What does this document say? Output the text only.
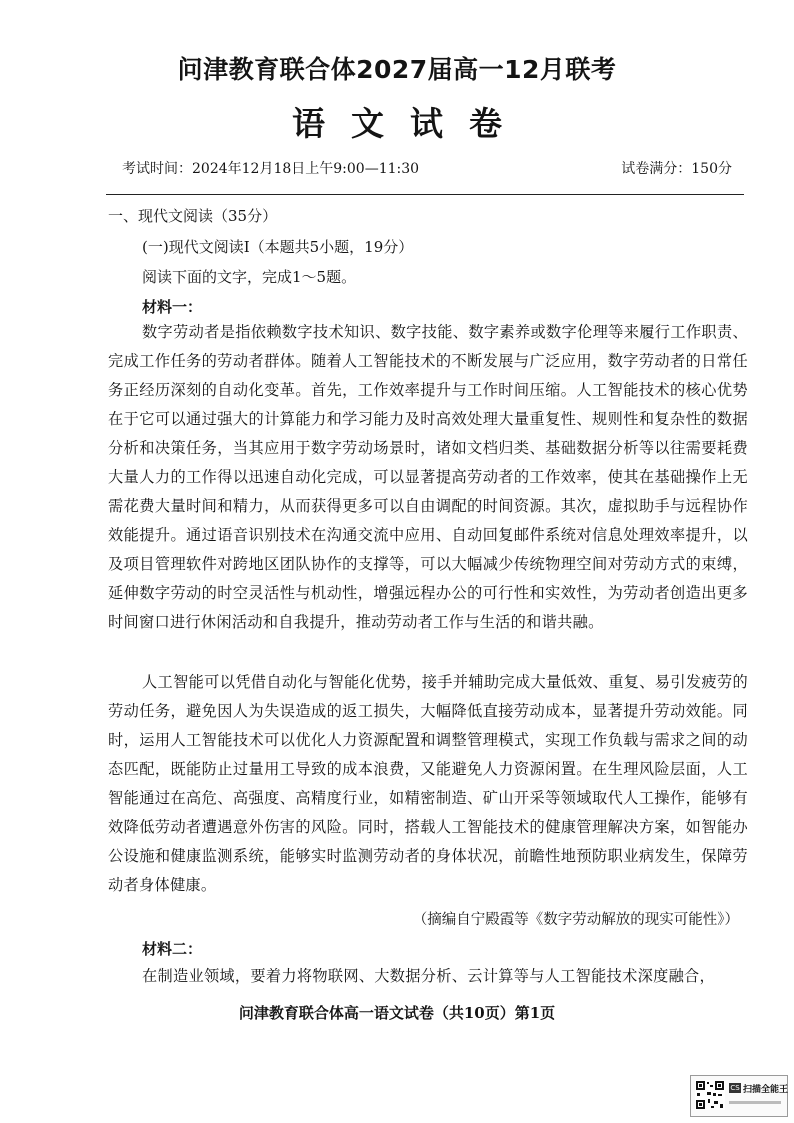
问津教育联合体2027届高一12月联考
语文试卷
考试时间：2024年12月18日上午9:00—11:30	试卷满分：150分
一、现代文阅读（35分）
(一)现代文阅读Ⅰ（本题共5小题，19分）
阅读下面的文字，完成1～5题。
材料一：
数字劳动者是指依赖数字技术知识、数字技能、数字素养或数字伦理等来履行工作职责、完成工作任务的劳动者群体。随着人工智能技术的不断发展与广泛应用，数字劳动者的日常任务正经历深刻的自动化变革。首先，工作效率提升与工作时间压缩。人工智能技术的核心优势在于它可以通过强大的计算能力和学习能力及时高效处理大量重复性、规则性和复杂性的数据分析和决策任务，当其应用于数字劳动场景时，诸如文档归类、基础数据分析等以往需要耗费大量人力的工作得以迅速自动化完成，可以显著提高劳动者的工作效率，使其在基础操作上无需花费大量时间和精力，从而获得更多可以自由调配的时间资源。其次，虚拟助手与远程协作效能提升。通过语音识别技术在沟通交流中应用、自动回复邮件系统对信息处理效率提升，以及项目管理软件对跨地区团队协作的支撑等，可以大幅减少传统物理空间对劳动方式的束缚，延伸数字劳动的时空灵活性与机动性，增强远程办公的可行性和实效性，为劳动者创造出更多时间窗口进行休闲活动和自我提升，推动劳动者工作与生活的和谐共融。
人工智能可以凭借自动化与智能化优势，接手并辅助完成大量低效、重复、易引发疲劳的劳动任务，避免因人为失误造成的返工损失，大幅降低直接劳动成本，显著提升劳动效能。同时，运用人工智能技术可以优化人力资源配置和调整管理模式，实现工作负载与需求之间的动态匹配，既能防止过量用工导致的成本浪费，又能避免人力资源闲置。在生理风险层面，人工智能通过在高危、高强度、高精度行业，如精密制造、矿山开采等领域取代人工操作，能够有效降低劳动者遭遇意外伤害的风险。同时，搭载人工智能技术的健康管理解决方案，如智能办公设施和健康监测系统，能够实时监测劳动者的身体状况，前瞻性地预防职业病发生，保障劳动者身体健康。
（摘编自宁殿霞等《数字劳动解放的现实可能性》）
材料二：
在制造业领域，要着力将物联网、大数据分析、云计算等与人工智能技术深度融合，
问津教育联合体高一语文试卷（共10页）第1页
CS 扫描全能王
